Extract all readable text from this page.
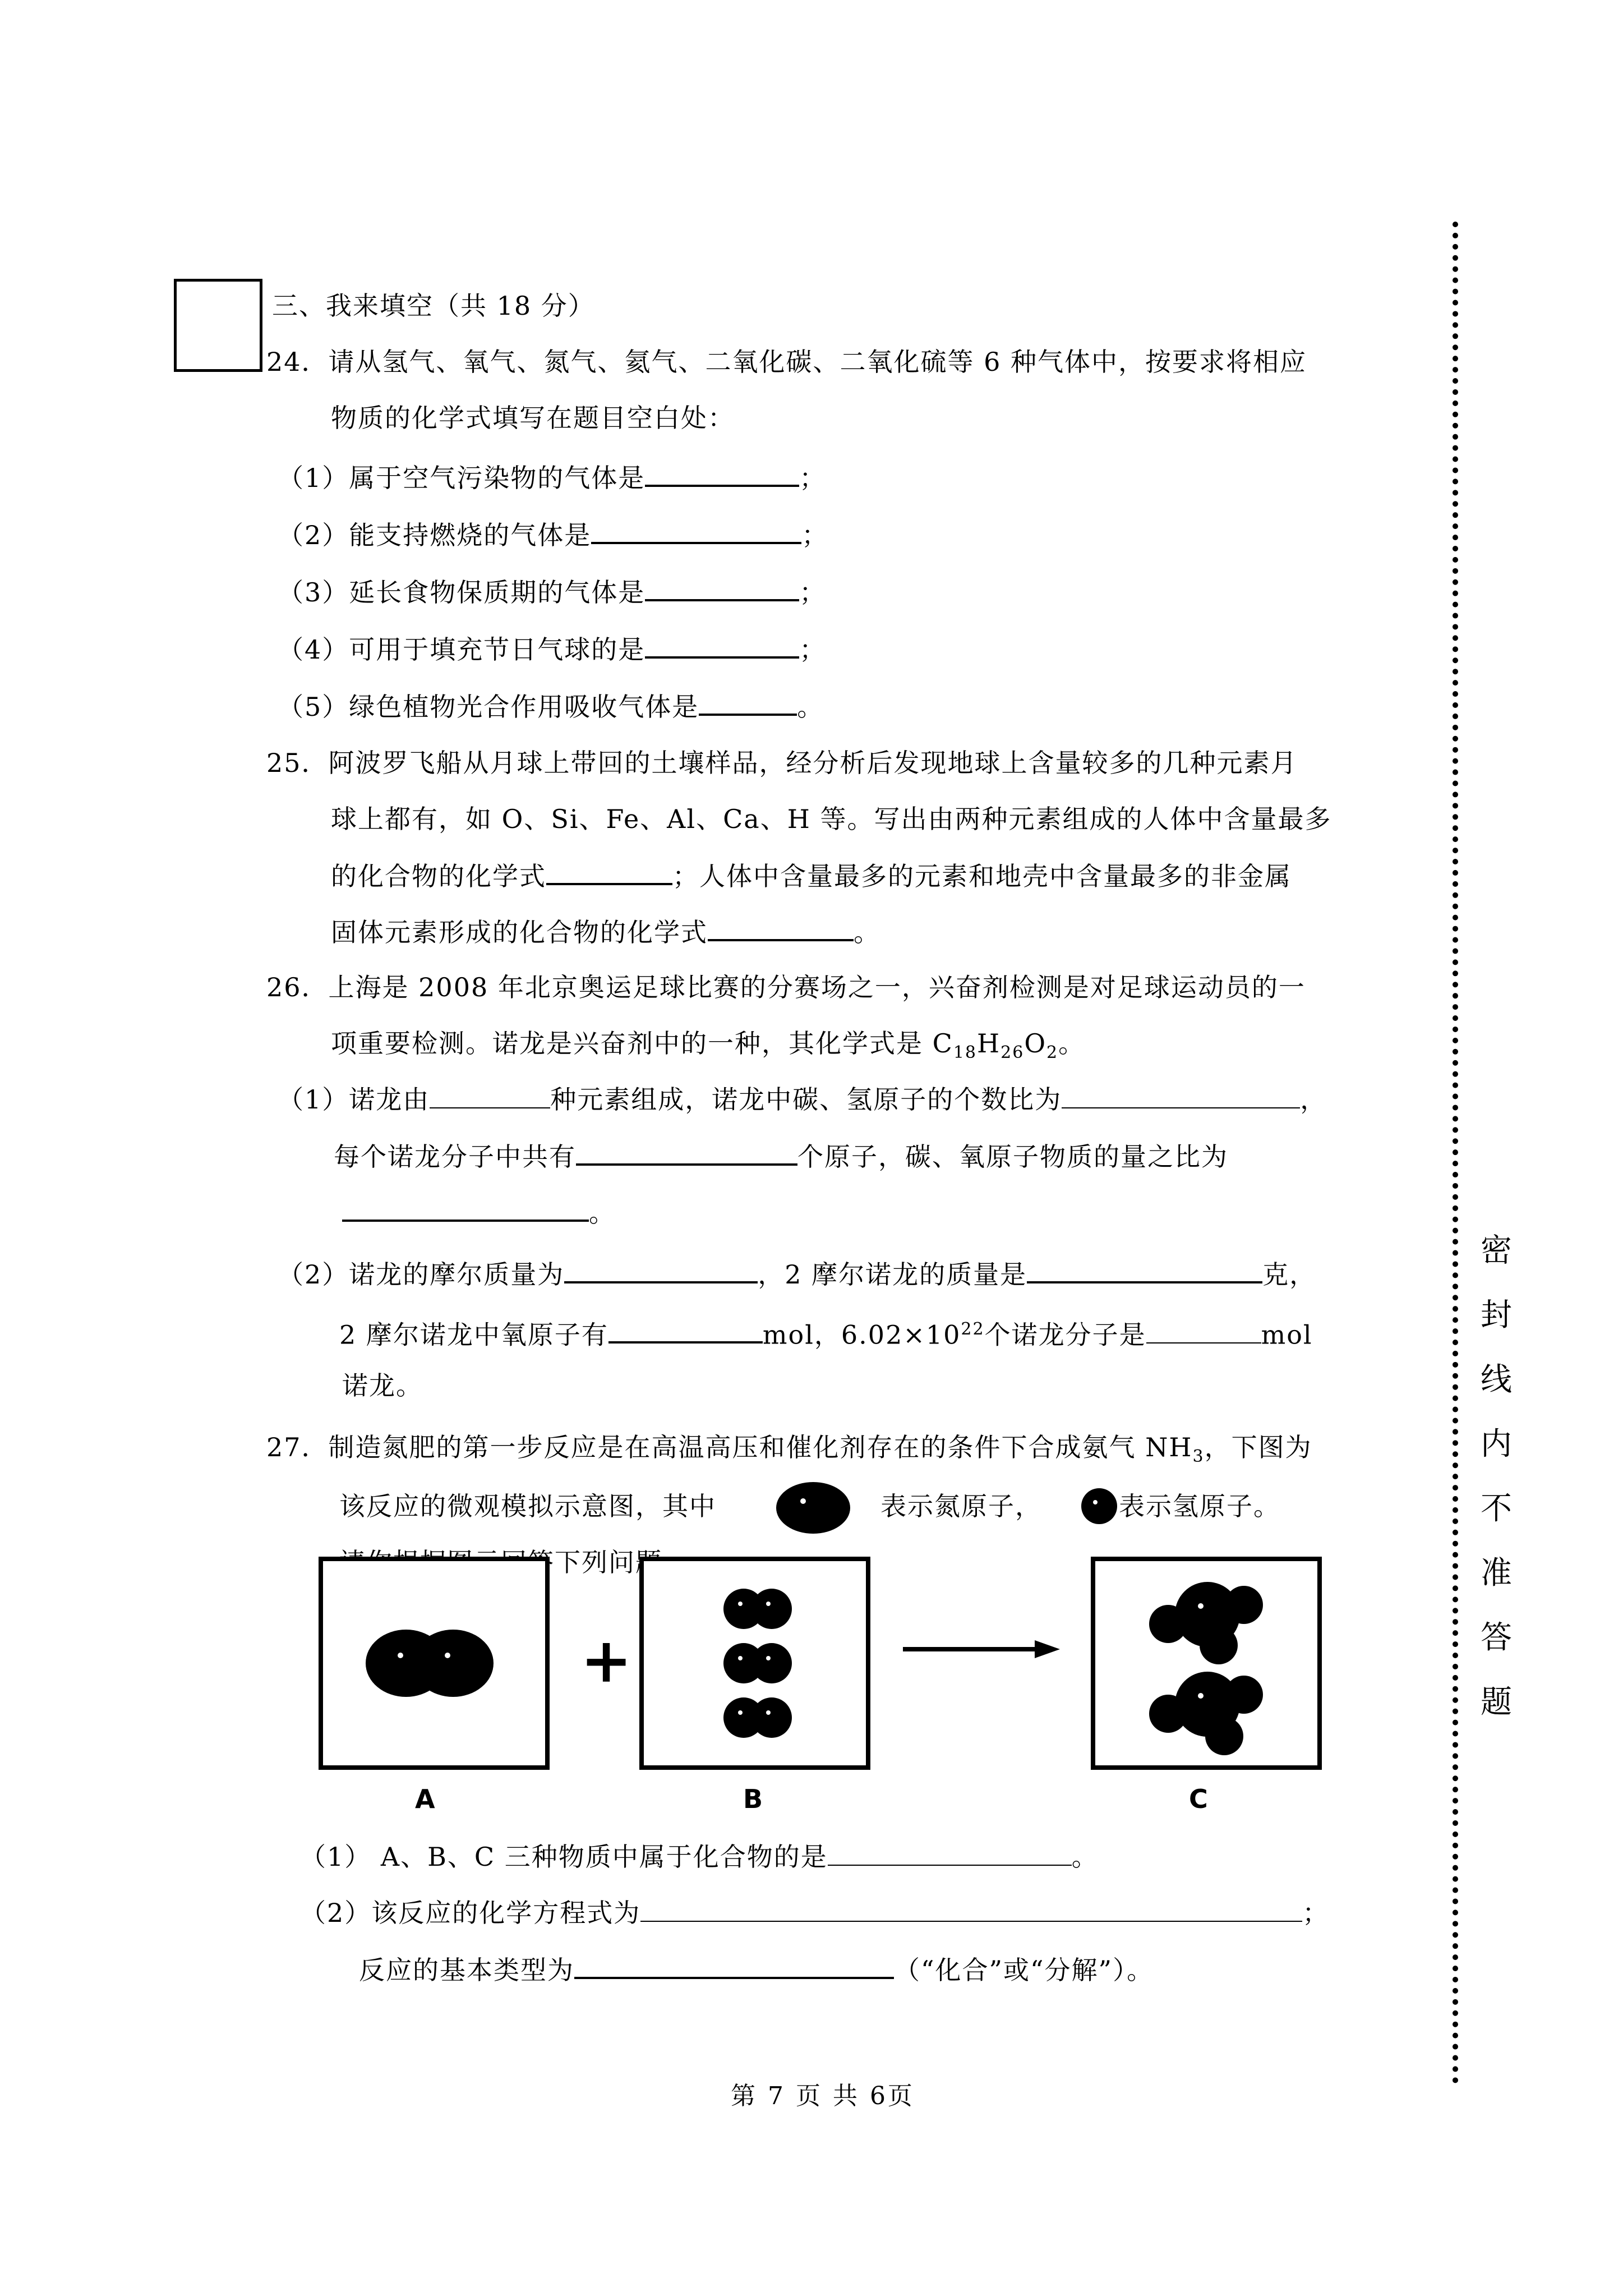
三、我来填空（共 18 分）
24．请从氢气、氧气、氮气、氦气、二氧化碳、二氧化硫等 6 种气体中，按要求将相应
物质的化学式填写在题目空白处：
（1）属于空气污染物的气体是	；
（2）能支持燃烧的气体是	；
（3）延长食物保质期的气体是	；
（4）可用于填充节日气球的是	；
（5）绿色植物光合作用吸收气体是	。
25．阿波罗飞船从月球上带回的土壤样品，经分析后发现地球上含量较多的几种元素月
球上都有，如 O、Si、Fe、Al、Ca、H 等。写出由两种元素组成的人体中含量最多
的化合物的化学式	；人体中含量最多的元素和地壳中含量最多的非金属
固体元素形成的化合物的化学式	。
26．上海是 2008 年北京奥运足球比赛的分赛场之一，兴奋剂检测是对足球运动员的一
项重要检测。诺龙是兴奋剂中的一种，其化学式是 $C_{18}H_{26}O_2$。
（1）诺龙由	种元素组成，诺龙中碳、氢原子的个数比为	，
每个诺龙分子中共有	个原子，碳、氧原子物质的量之比为
。
（2）诺龙的摩尔质量为	，2 摩尔诺龙的质量是	克，
2 摩尔诺龙中氧原子有	mol，$6.02\times 10^{22}$个诺龙分子是	mol
诺龙。
27．制造氮肥的第一步反应是在高温高压和催化剂存在的条件下合成氨气 $NH_3$，下图为
该反应的微观模拟示意图，其中	表示氮原子，	表示氢原子。
+
A	B	C
（1） A、B、C 三种物质中属于化合物的是	。
（2）该反应的化学方程式为	；
反应的基本类型为	（“化合”或“分解”）。
密
封
线
内
不
准
答
题
第 7 页 共 6页
